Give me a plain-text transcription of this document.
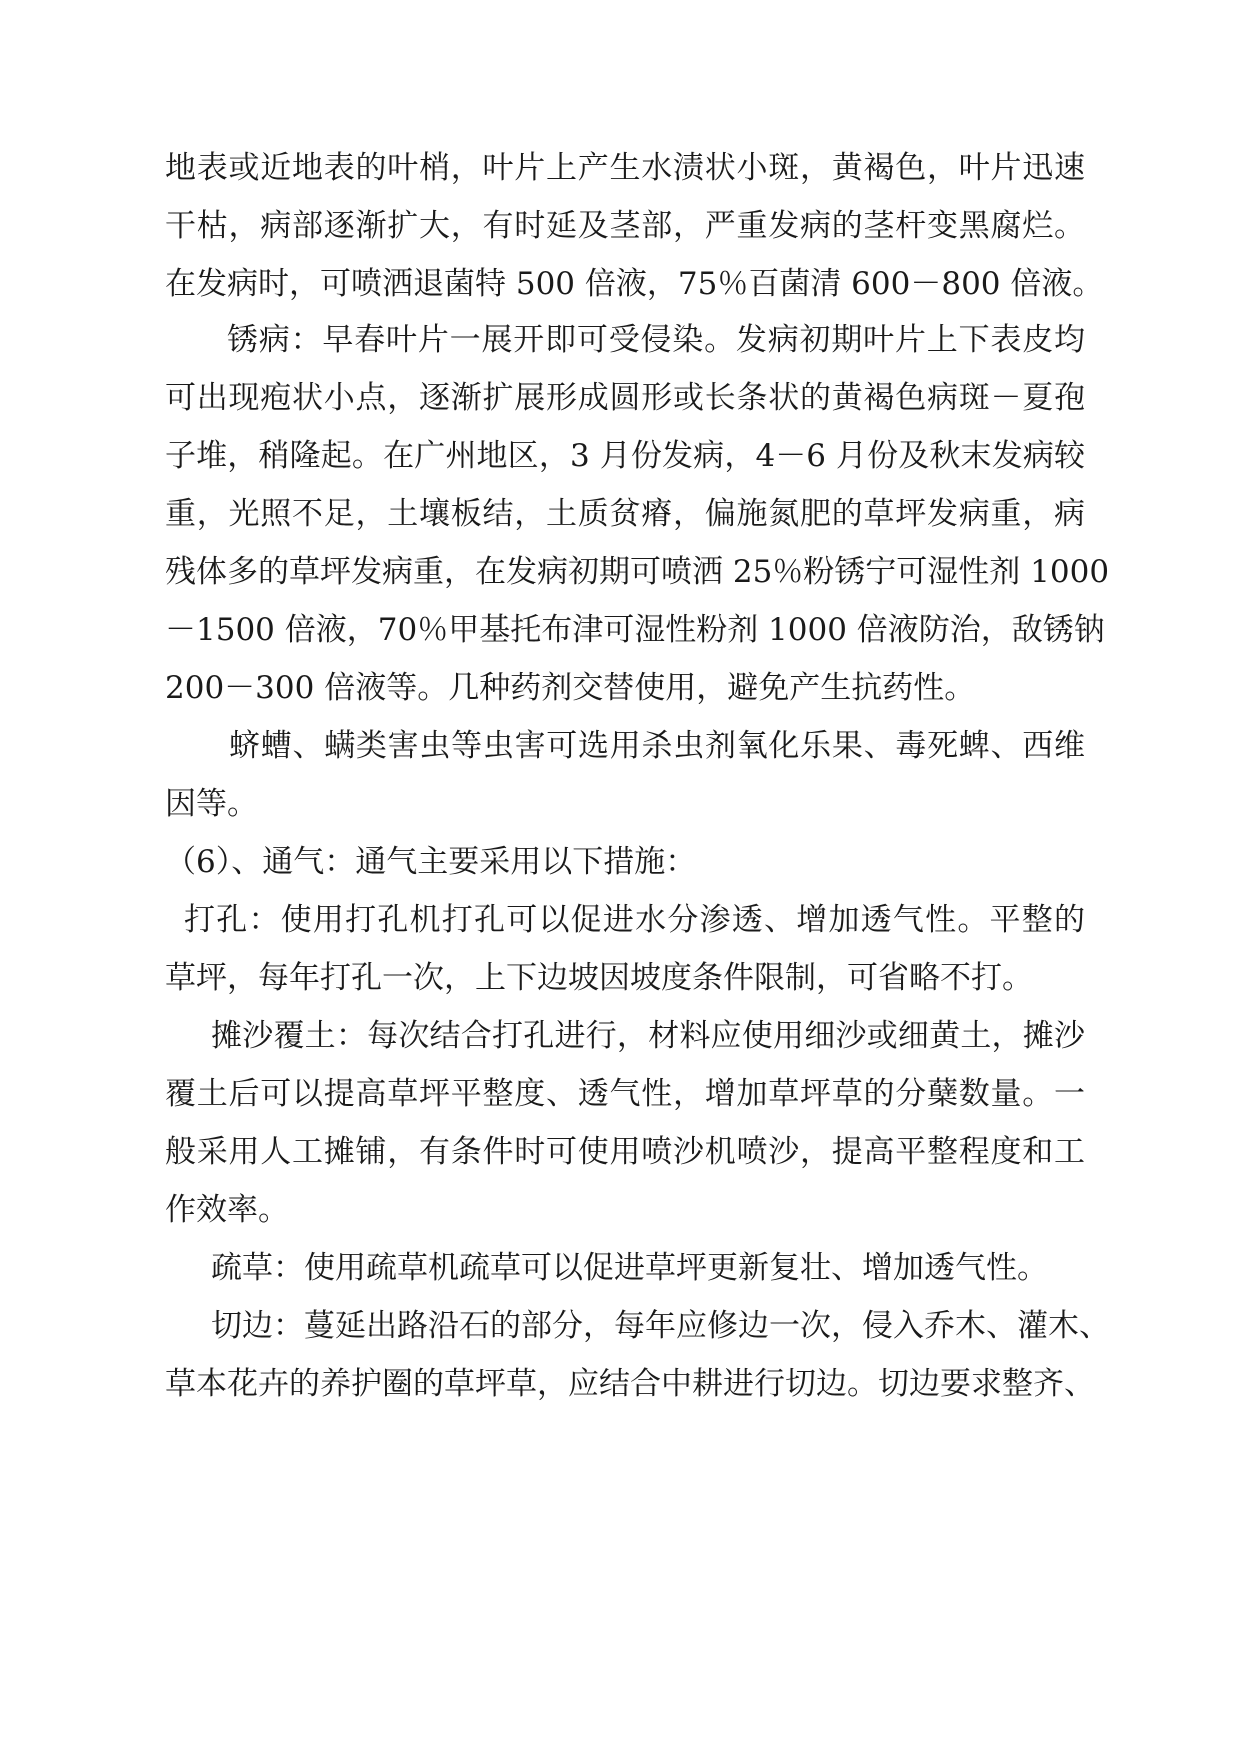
地表或近地表的叶梢，叶片上产生水渍状小斑，黄褐色，叶片迅速
干枯，病部逐渐扩大，有时延及茎部，严重发病的茎杆变黑腐烂。
在发病时，可喷洒退菌特 500 倍液，75％百菌清 600－800 倍液。
锈病：早春叶片一展开即可受侵染。发病初期叶片上下表皮均
可出现疱状小点，逐渐扩展形成圆形或长条状的黄褐色病斑－夏孢
子堆，稍隆起。在广州地区，3 月份发病，4－6 月份及秋末发病较
重，光照不足，土壤板结，土质贫瘠，偏施氮肥的草坪发病重，病
残体多的草坪发病重，在发病初期可喷洒 25％粉锈宁可湿性剂 1000
－1500 倍液，70％甲基托布津可湿性粉剂 1000 倍液防治，敌锈钠
200－300 倍液等。几种药剂交替使用，避免产生抗药性。
蛴螬、螨类害虫等虫害可选用杀虫剂氧化乐果、毒死蜱、西维
因等。
（6）、通气：通气主要采用以下措施：
打孔：使用打孔机打孔可以促进水分渗透、增加透气性。平整的
草坪，每年打孔一次，上下边坡因坡度条件限制，可省略不打。
摊沙覆土：每次结合打孔进行，材料应使用细沙或细黄土，摊沙
覆土后可以提高草坪平整度、透气性，增加草坪草的分蘖数量。一
般采用人工摊铺，有条件时可使用喷沙机喷沙，提高平整程度和工
作效率。
疏草：使用疏草机疏草可以促进草坪更新复壮、增加透气性。
切边：蔓延出路沿石的部分，每年应修边一次，侵入乔木、灌木、
草本花卉的养护圈的草坪草，应结合中耕进行切边。切边要求整齐、
